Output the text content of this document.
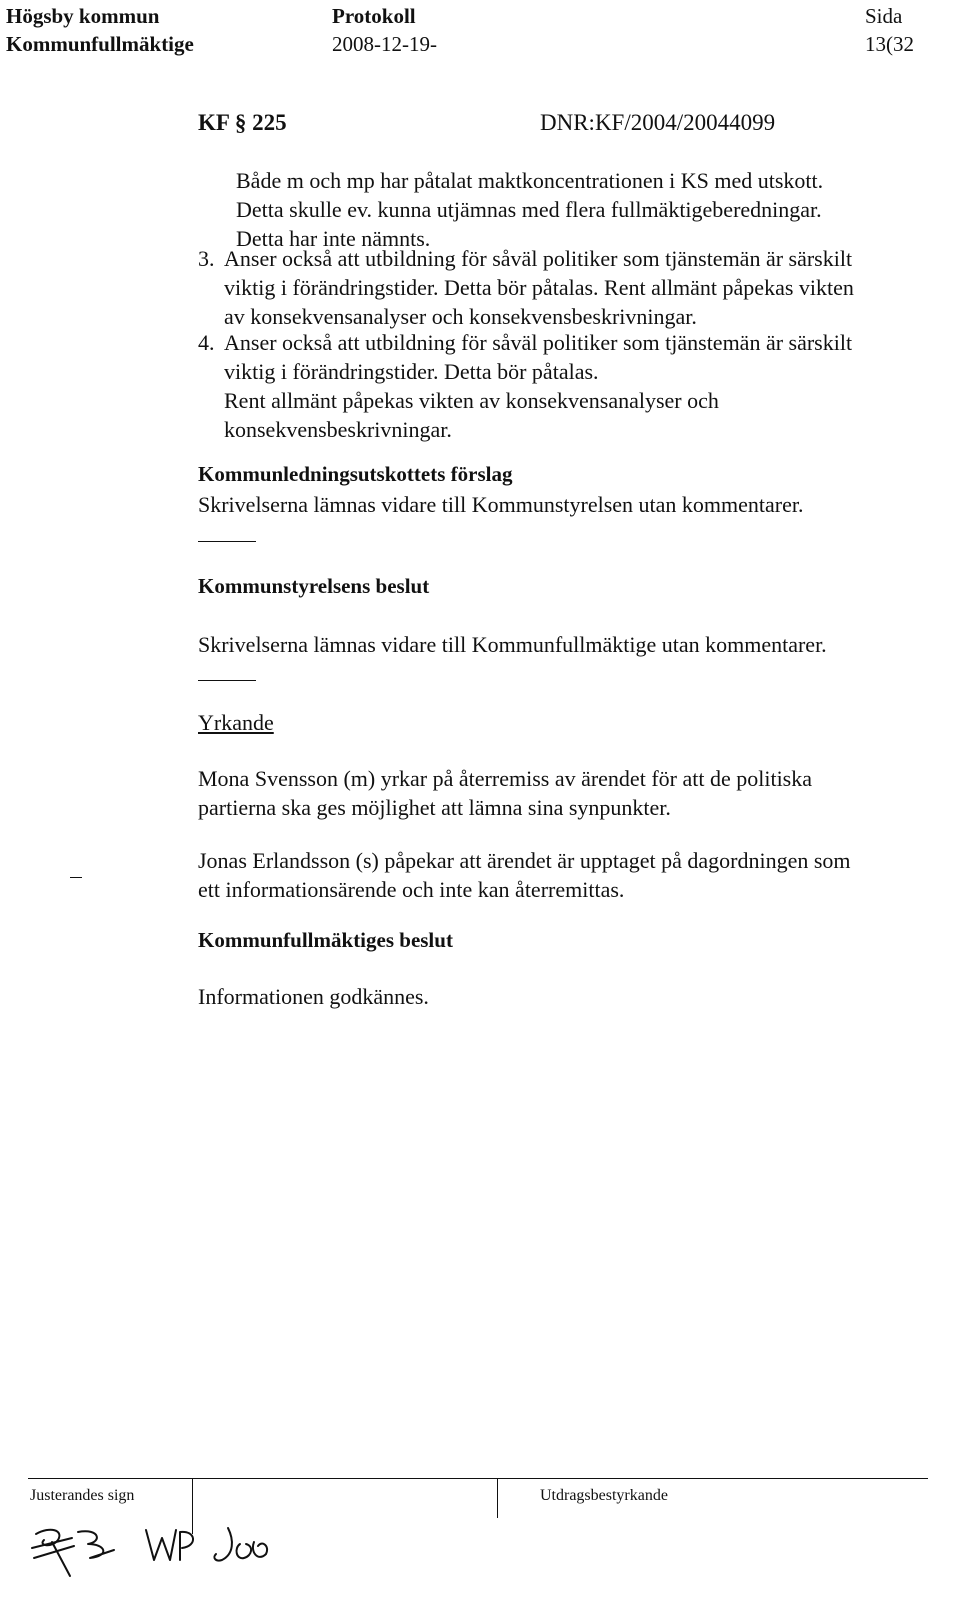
Högsby kommun
Kommunfullmäktige
Protokoll
2008-12-19-
Sida
13(32
KF § 225	DNR:KF/2004/20044099
Både m och mp har påtalat maktkoncentrationen i KS med utskott.
Detta skulle ev. kunna utjämnas med flera fullmäktigeberedningar.
Detta har inte nämnts.
3. Anser också att utbildning för såväl politiker som tjänstemän är särskilt
viktig i förändringstider. Detta bör påtalas. Rent allmänt påpekas vikten
av konsekvensanalyser och konsekvensbeskrivningar.
4. Anser också att utbildning för såväl politiker som tjänstemän är särskilt
viktig i förändringstider. Detta bör påtalas.
Rent allmänt påpekas vikten av konsekvensanalyser och
konsekvensbeskrivningar.
Kommunledningsutskottets förslag
Skrivelserna lämnas vidare till Kommunstyrelsen utan kommentarer.
Kommunstyrelsens beslut
Skrivelserna lämnas vidare till Kommunfullmäktige utan kommentarer.
Yrkande
Mona Svensson (m) yrkar på återremiss av ärendet för att de politiska
partierna ska ges möjlighet att lämna sina synpunkter.
Jonas Erlandsson (s) påpekar att ärendet är upptaget på dagordningen som
ett informationsärende och inte kan återremittas.
Kommunfullmäktiges beslut
Informationen godkännes.
Justerandes sign	Utdragsbestyrkande
